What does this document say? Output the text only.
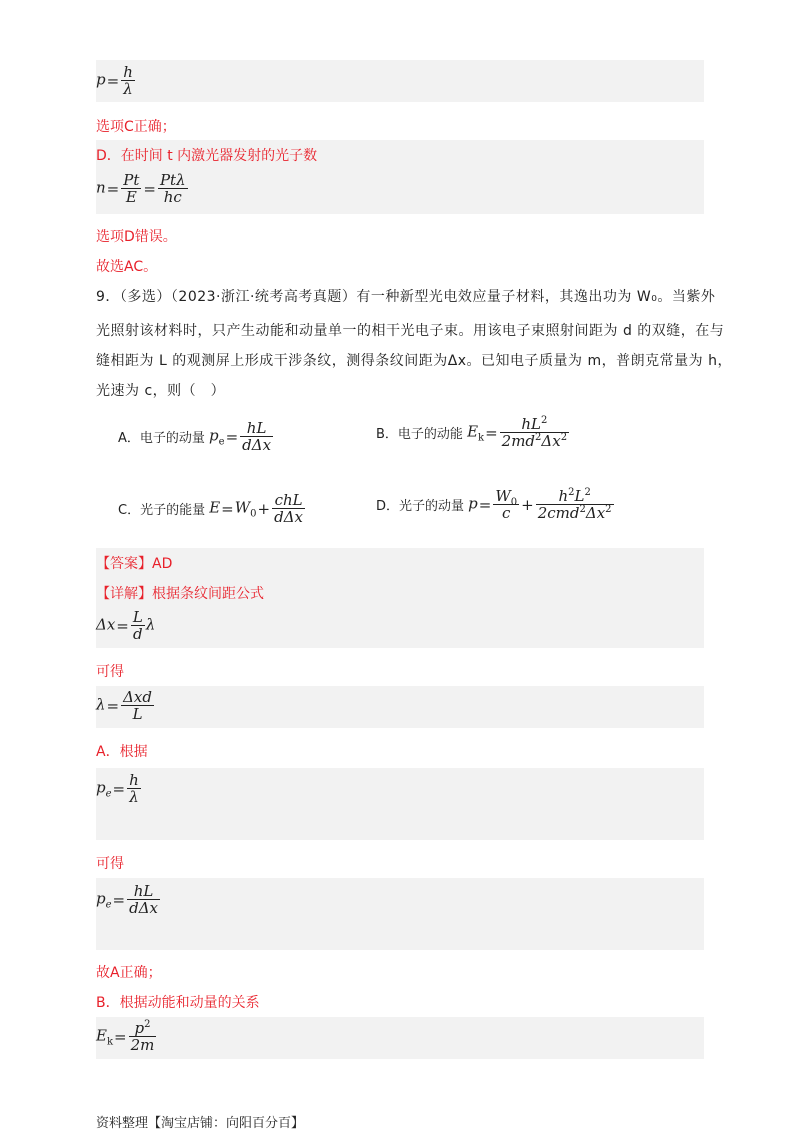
$p= \frac{h}{\lambda}$
选项C正确；
D．在时间 t 内激光器发射的光子数
$n= \frac{Pt}{E} = \frac{\text{Ptλ}}{hc}$
选项D错误。
故选AC。
9．（多选）（2023·浙江·统考高考真题）有一种新型光电效应量子材料，其逸出功为 W₀。当紫外
光照射该材料时，只产生动能和动量单一的相干光电子束。用该电子束照射间距为 d 的双缝，在与
缝相距为 L 的观测屏上形成干涉条纹，测得条纹间距为Δx。已知电子质量为 m，普朗克常量为 h，
光速为 c，则（　）
A．电子的动量 $p_e= \frac{hL}{\text{dΔx}}$	B．电子的动能 $E_k= \frac{hL^2}{2md^2\Delta x^2}$
C．光子的能量 $E=W_0+ \frac{\text{chL}}{\text{dΔx}}$	D．光子的动量 $p= \frac{W_0}{c} + \frac{h^2L^2}{2cmd^2\Delta x^2}$
【答案】AD
【详解】根据条纹间距公式
$\Delta x= \frac{L}{d}$ λ
可得
$\lambda= \frac{\text{Δxd}}{L}$
A．根据
$p_e= \frac{h}{\lambda}$
可得
$p_e= \frac{hL}{\text{dΔx}}$
故A正确；
B．根据动能和动量的关系
$E_k= \frac{p^2}{2m}$
资料整理【淘宝店铺：向阳百分百】
